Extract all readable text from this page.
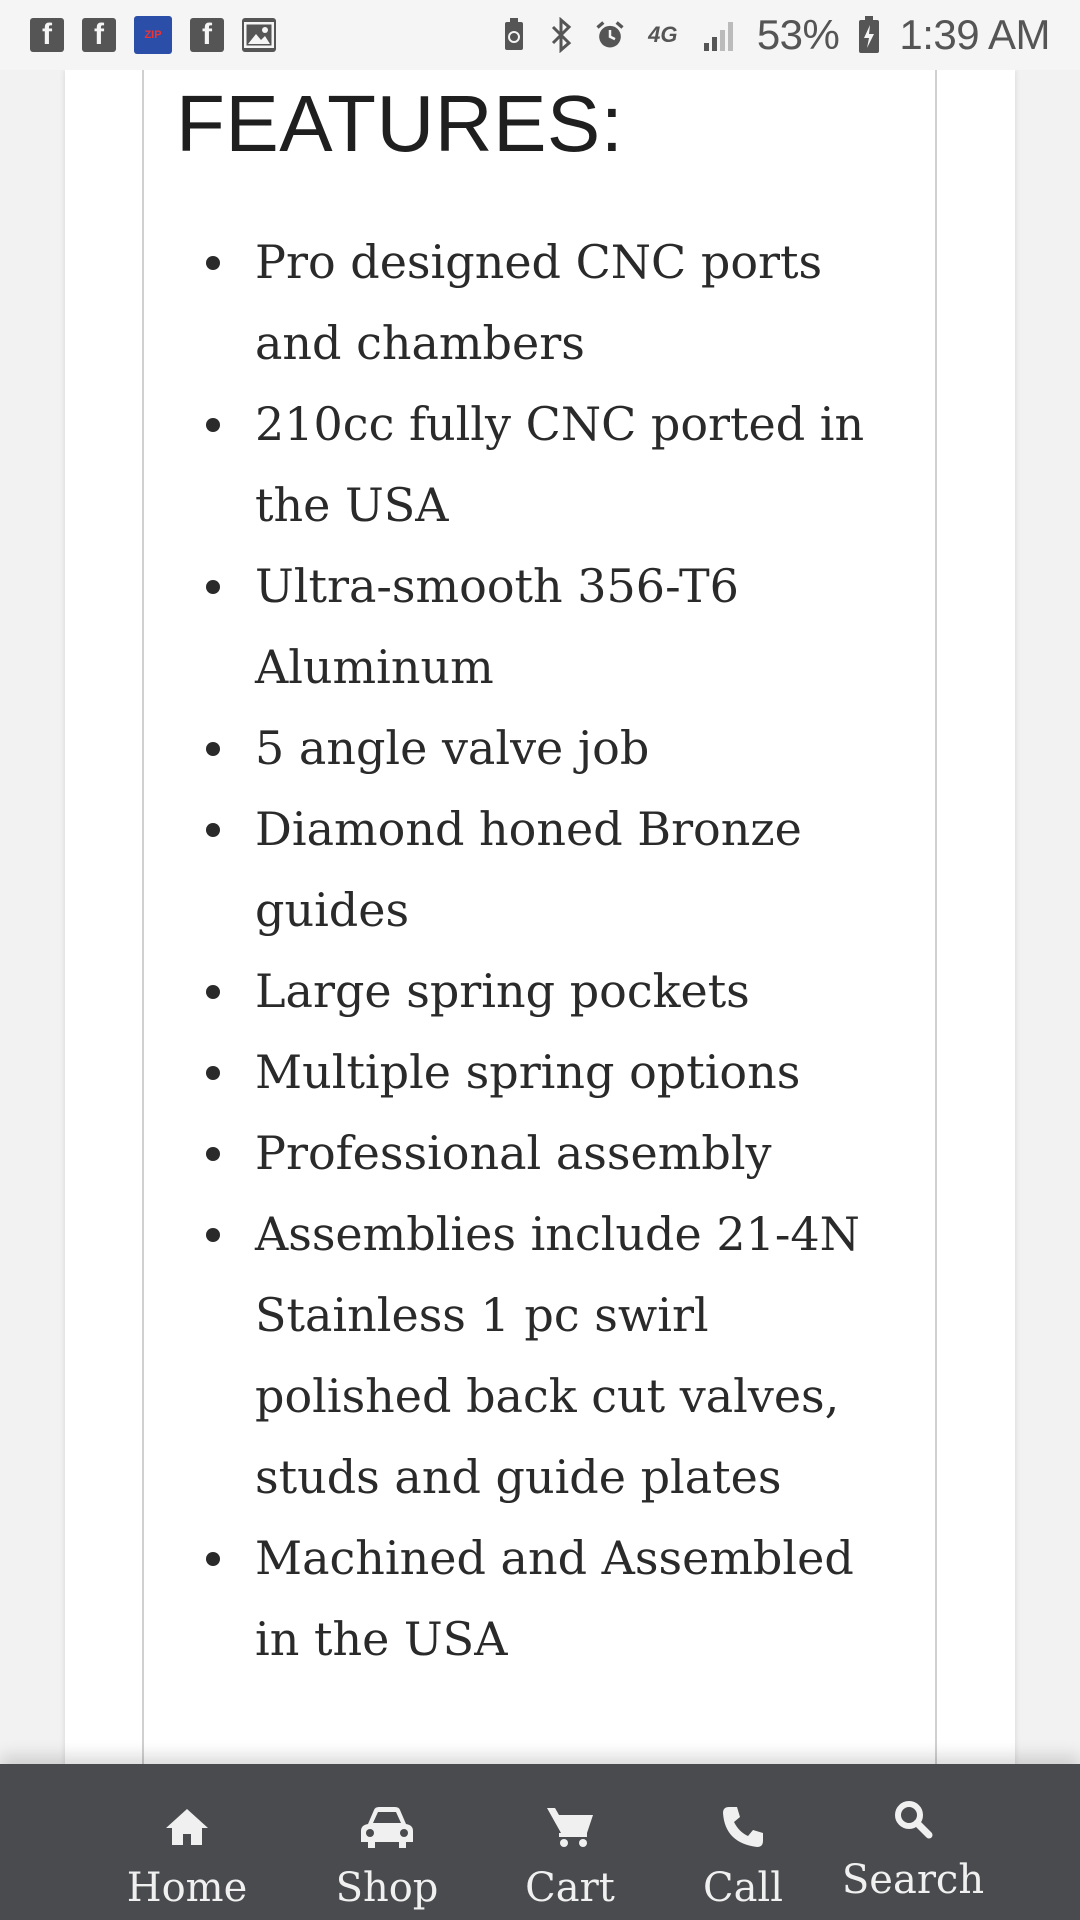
f	f	ZIP	f	4G 53% 1:39 AM
FEATURES:
Pro designed CNC ports and chambers
210cc fully CNC ported in the USA
Ultra-smooth 356-T6 Aluminum
5 angle valve job
Diamond honed Bronze guides
Large spring pockets
Multiple spring options
Professional assembly
Assemblies include 21-4N Stainless 1 pc swirl polished back cut valves, studs and guide plates
Machined and Assembled in the USA
Home Shop Cart Call Search
